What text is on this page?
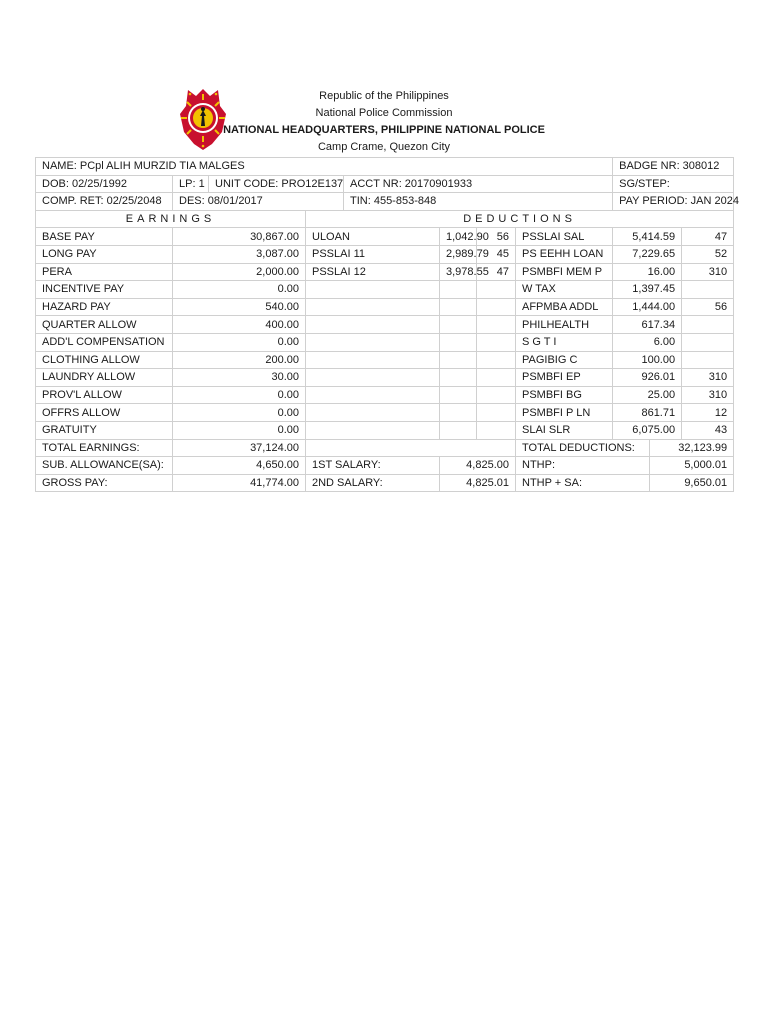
Republic of the Philippines
National Police Commission
NATIONAL HEADQUARTERS, PHILIPPINE NATIONAL POLICE
Camp Crame, Quezon City
NAME: PCpl ALIH MURZID TIA MALGES								BADGE NR: 308012		
DOB: 02/25/1992	LP: 1	UNIT CODE: PRO12E137		ACCT NR: 20170901933				SG/STEP:		
COMP. RET: 02/25/2048	DES: 08/01/2017			TIN: 455-853-848				PAY PERIOD: JAN 2024		
EARNINGS			DEDUCTIONS							
BASE PAY	30,867.00		ULOAN		1,042.90	56	PSSLAI SAL	5,414.59		47
LONG PAY	3,087.00		PSSLAI 11		2,989.79	45	PS EEHH LOAN	7,229.65		52
PERA	2,000.00		PSSLAI 12		3,978.55	47	PSMBFI MEM P	16.00		310
INCENTIVE PAY	0.00						W TAX	1,397.45		
HAZARD PAY	540.00						AFPMBA ADDL	1,444.00		56
QUARTER ALLOW	400.00						PHILHEALTH	617.34		
ADD'L COMPENSATION	0.00						S G T I	6.00		
CLOTHING ALLOW	200.00						PAGIBIG C	100.00		
LAUNDRY ALLOW	30.00						PSMBFI EP	926.01		310
PROV'L ALLOW	0.00						PSMBFI BG	25.00		310
OFFRS ALLOW	0.00						PSMBFI P LN	861.71		12
GRATUITY	0.00						SLAI SLR	6,075.00		43
TOTAL EARNINGS:	37,124.00						TOTAL DEDUCTIONS:		32,123.99	
SUB. ALLOWANCE(SA):	4,650.00		1ST SALARY:		4,825.00		NTHP:		5,000.01	
GROSS PAY:	41,774.00		2ND SALARY:		4,825.01		NTHP + SA:		9,650.01	
